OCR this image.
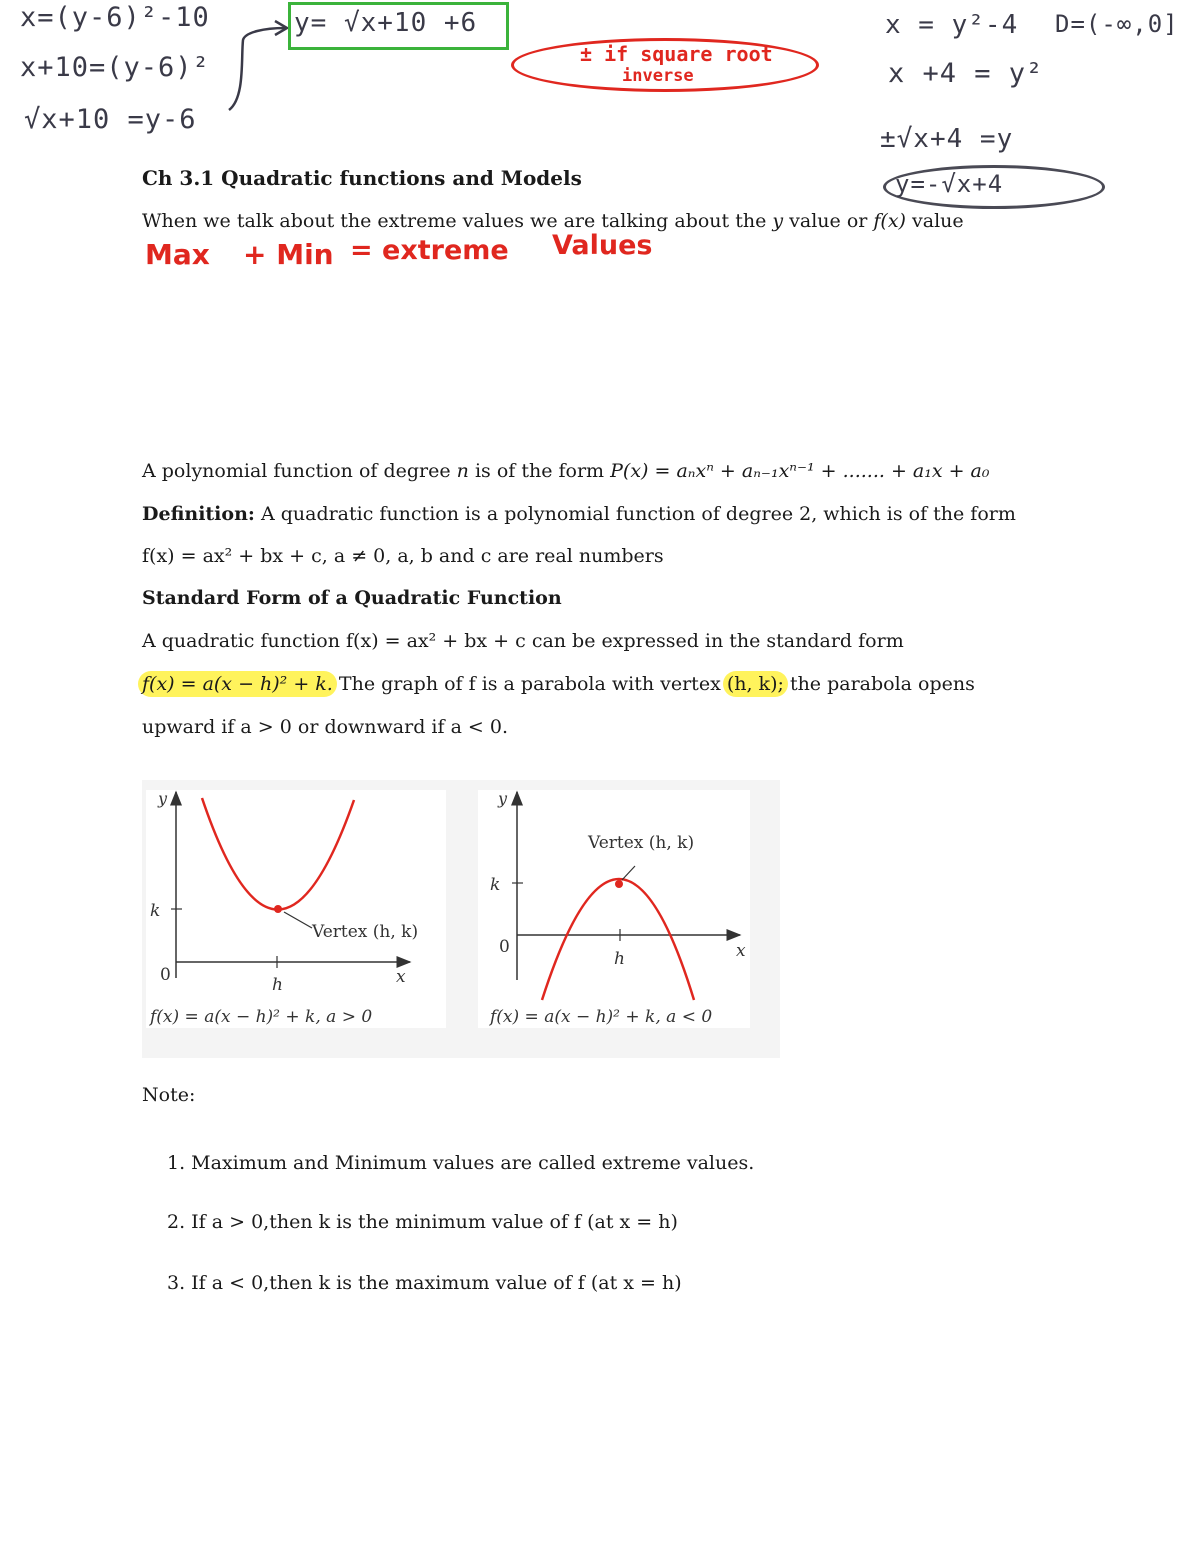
x=(y-6)²-10
x+10=(y-6)²
√x+10 =y-6
y= √x+10 +6
± if square root
inverse
x = y²-4 D=(-∞,0]
x +4 = y²
±√x+4 =y
y=-√x+4
Ch 3.1 Quadratic functions and Models
When we talk about the extreme values we are talking about the y value or f(x) value
Max + Min = extreme Values
A polynomial function of degree n is of the form P(x) = aₙxⁿ + aₙ₋₁xⁿ⁻¹ + ....... + a₁x + a₀
Definition: A quadratic function is a polynomial function of degree 2, which is of the form
f(x) = ax² + bx + c, a ≠ 0, a, b and c are real numbers
Standard Form of a Quadratic Function
A quadratic function f(x) = ax² + bx + c can be expressed in the standard form
f(x) = a(x − h)² + k. The graph of f is a parabola with vertex (h, k); the parabola opens
upward if a > 0 or downward if a < 0.
y
k
0	h	x
Vertex (h, k)
f(x) = a(x − h)² + k, a > 0
y
k
0
h	x
Vertex (h, k)
f(x) = a(x − h)² + k, a < 0
Note:
1. Maximum and Minimum values are called extreme values.
2. If a > 0,then k is the minimum value of f (at x = h)
3. If a < 0,then k is the maximum value of f (at x = h)
